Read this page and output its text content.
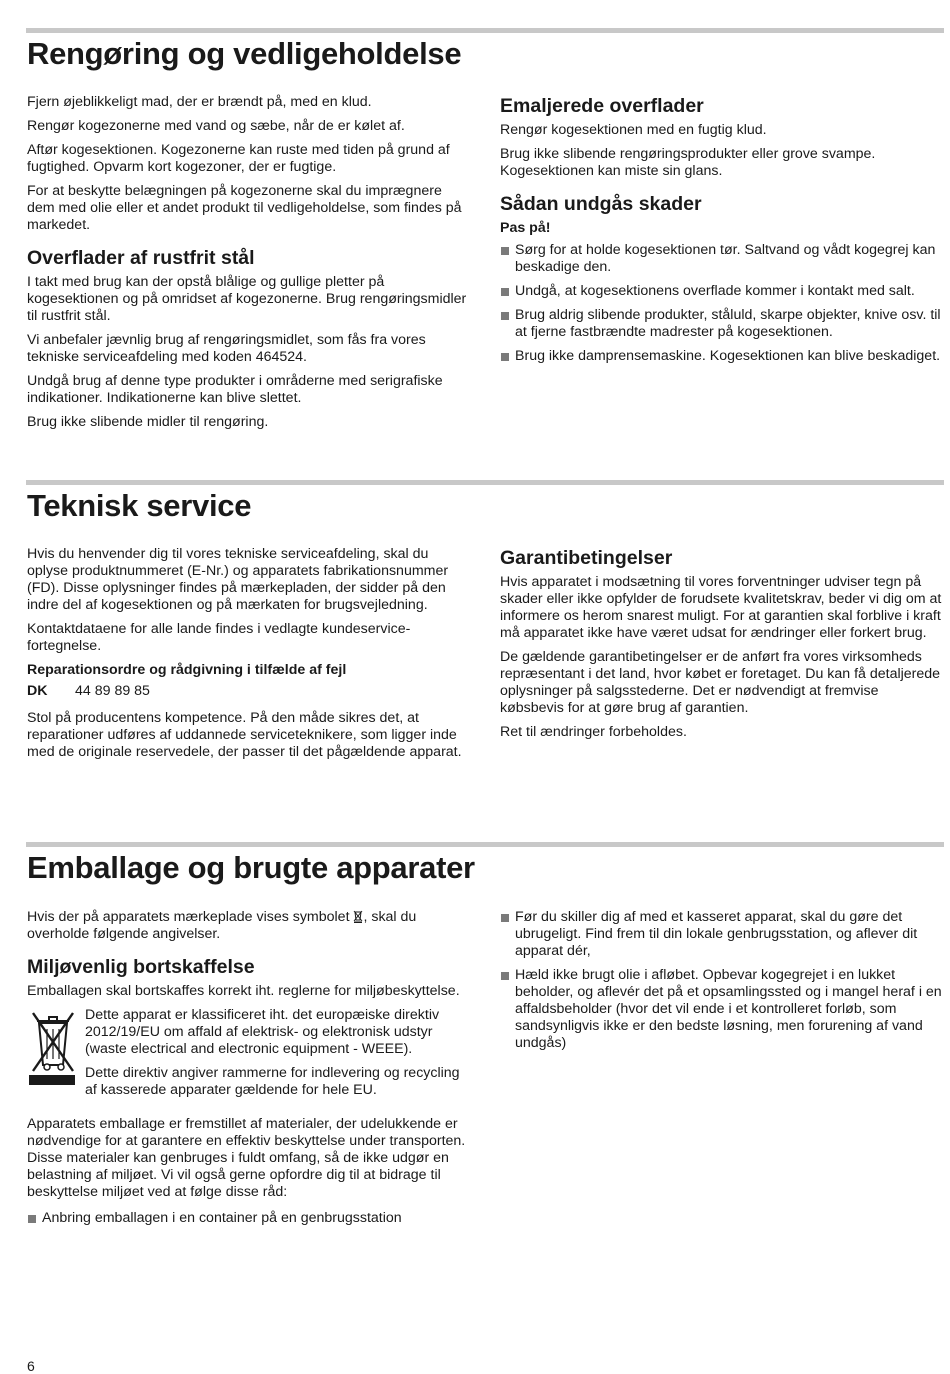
Rengøring og vedligeholdelse

Fjern øjeblikkeligt mad, der er brændt på, med en klud.

Rengør kogezonerne med vand og sæbe, når de er kølet af.

Aftør kogesektionen. Kogezonerne kan ruste med tiden på grund af fugtighed. Opvarm kort kogezoner, der er fugtige.

For at beskytte belægningen på kogezonerne skal du imprægnere dem med olie eller et andet produkt til vedligeholdelse, som findes på markedet.

Overflader af rustfrit stål

I takt med brug kan der opstå blålige og gullige pletter på kogesektionen og på omridset af kogezonerne. Brug rengøringsmidler til rustfrit stål.

Vi anbefaler jævnlig brug af rengøringsmidlet, som fås fra vores tekniske serviceafdeling med koden 464524.

Undgå brug af denne type produkter i områderne med serigrafiske indikationer. Indikationerne kan blive slettet.

Brug ikke slibende midler til rengøring.

Emaljerede overflader

Rengør kogesektionen med en fugtig klud.

Brug ikke slibende rengøringsprodukter eller grove svampe. Kogesektionen kan miste sin glans.

Sådan undgås skader
Pas på!
Sørg for at holde kogesektionen tør. Saltvand og vådt kogegrej kan beskadige den.
Undgå, at kogesektionens overflade kommer i kontakt med salt.
Brug aldrig slibende produkter, ståluld, skarpe objekter, knive osv. til at fjerne fastbrændte madrester på kogesektionen.
Brug ikke damprensemaskine. Kogesektionen kan blive beskadiget.
Teknisk service

Hvis du henvender dig til vores tekniske serviceafdeling, skal du oplyse produktnummeret (E-Nr.) og apparatets fabrikationsnummer (FD). Disse oplysninger findes på mærkepladen, der sidder på den indre del af kogesektionen og på mærkaten for brugsvejledning.

Kontaktdataene for alle lande findes i vedlagte kundeservice-fortegnelse.

Reparationsordre og rådgivning i tilfælde af fejl
DK	44 89 89 85

Stol på producentens kompetence. På den måde sikres det, at reparationer udføres af uddannede serviceteknikere, som ligger inde med de originale reservedele, der passer til det pågældende apparat.

Garantibetingelser

Hvis apparatet i modsætning til vores forventninger udviser tegn på skader eller ikke opfylder de forudsete kvalitetskrav, beder vi dig om at informere os herom snarest muligt. For at garantien skal forblive i kraft må apparatet ikke have været udsat for ændringer eller forkert brug.

De gældende garantibetingelser er de anført fra vores virksomheds repræsentant i det land, hvor købet er foretaget. Du kan få detaljerede oplysninger på salgsstederne. Det er nødvendigt at fremvise købsbevis for at gøre brug af garantien.

Ret til ændringer forbeholdes.

Emballage og brugte apparater

Hvis der på apparatets mærkeplade vises symbolet , skal du overholde følgende angivelser.

Miljøvenlig bortskaffelse

Emballagen skal bortskaffes korrekt iht. reglerne for miljøbeskyttelse.

Dette apparat er klassificeret iht. det europæiske direktiv 2012/19/EU om affald af elektrisk- og elektronisk udstyr (waste electrical and electronic equipment - WEEE).

Dette direktiv angiver rammerne for indlevering og recycling af kasserede apparater gældende for hele EU.

Apparatets emballage er fremstillet af materialer, der udelukkende er nødvendige for at garantere en effektiv beskyttelse under transporten. Disse materialer kan genbruges i fuldt omfang, så de ikke udgør en belastning af miljøet. Vi vil også gerne opfordre dig til at bidrage til beskyttelse miljøet ved at følge disse råd:

Anbring emballagen i en container på en genbrugsstation
Før du skiller dig af med et kasseret apparat, skal du gøre det ubrugeligt. Find frem til din lokale genbrugsstation, og aflever dit apparat dér,
Hæld ikke brugt olie i afløbet. Opbevar kogegrejet i en lukket beholder, og aflevér det på et opsamlingssted og i mangel heraf i en affaldsbeholder (hvor det vil ende i et kontrolleret forløb, som sandsynligvis ikke er den bedste løsning, men forurening af vand undgås)
6
